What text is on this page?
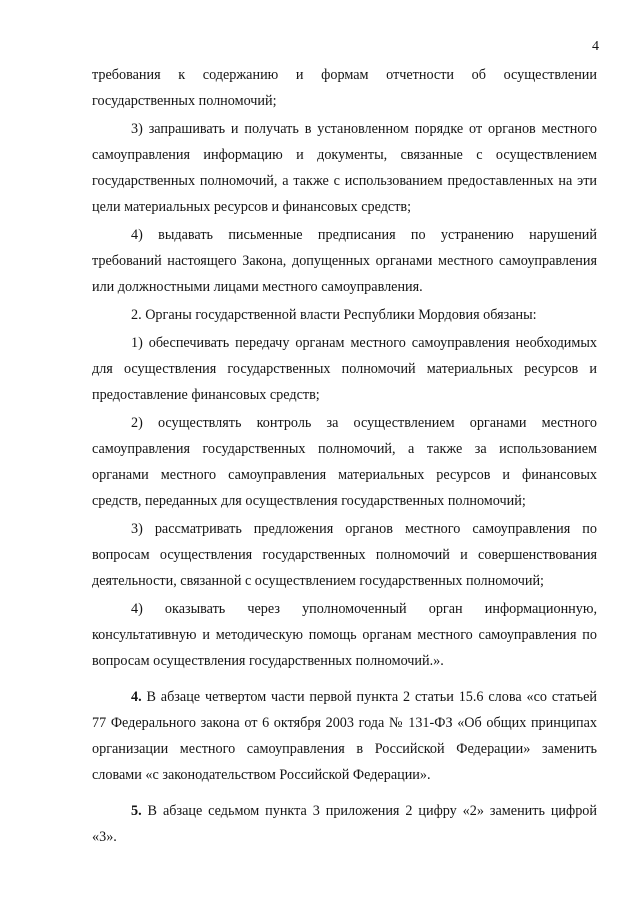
4

требования к содержанию и формам отчетности об осуществлении государственных полномочий;

3) запрашивать и получать в установленном порядке от органов местного самоуправления информацию и документы, связанные с осуществлением государственных полномочий, а также с использованием предоставленных на эти цели материальных ресурсов и финансовых средств;

4) выдавать письменные предписания по устранению нарушений требований настоящего Закона, допущенных органами местного самоуправления или должностными лицами местного самоуправления.

2. Органы государственной власти Республики Мордовия обязаны:

1) обеспечивать передачу органам местного самоуправления необходимых для осуществления государственных полномочий материальных ресурсов и предоставление финансовых средств;

2) осуществлять контроль за осуществлением органами местного самоуправления государственных полномочий, а также за использованием органами местного самоуправления материальных ресурсов и финансовых средств, переданных для осуществления государственных полномочий;

3) рассматривать предложения органов местного самоуправления по вопросам осуществления государственных полномочий и совершенствования деятельности, связанной с осуществлением государственных полномочий;

4) оказывать через уполномоченный орган информационную, консультативную и методическую помощь органам местного самоуправления по вопросам осуществления государственных полномочий.».

4. В абзаце четвертом части первой пункта 2 статьи 15.6 слова «со статьей 77 Федерального закона от 6 октября 2003 года № 131-ФЗ «Об общих принципах организации местного самоуправления в Российской Федерации» заменить словами «с законодательством Российской Федерации».

5. В абзаце седьмом пункта 3 приложения 2 цифру «2» заменить цифрой «3».
